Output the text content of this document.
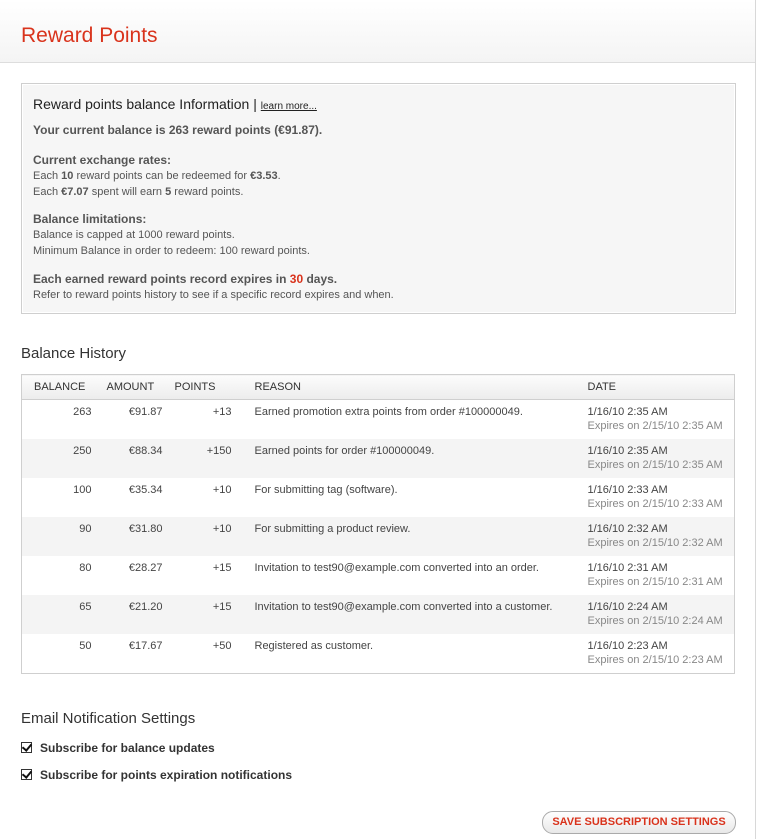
Reward Points
Reward points balance Information | learn more...
Your current balance is 263 reward points (€91.87).
Current exchange rates:
Each 10 reward points can be redeemed for €3.53.
Each €7.07 spent will earn 5 reward points.
Balance limitations:
Balance is capped at 1000 reward points.
Minimum Balance in order to redeem: 100 reward points.
Each earned reward points record expires in 30 days.
Refer to reward points history to see if a specific record expires and when.
Balance History
BALANCE	AMOUNT	POINTS	REASON	DATE

263	€91.87	+13	Earned promotion extra points from order #100000049.	1/16/10 2:35 AM
Expires on 2/15/10 2:35 AM

250	€88.34	+150	Earned points for order #100000049.	1/16/10 2:35 AM
Expires on 2/15/10 2:35 AM

100	€35.34	+10	For submitting tag (software).	1/16/10 2:33 AM
Expires on 2/15/10 2:33 AM

90	€31.80	+10	For submitting a product review.	1/16/10 2:32 AM
Expires on 2/15/10 2:32 AM

80	€28.27	+15	Invitation to test90@example.com converted into an order.	1/16/10 2:31 AM
Expires on 2/15/10 2:31 AM

65	€21.20	+15	Invitation to test90@example.com converted into a customer.	1/16/10 2:24 AM
Expires on 2/15/10 2:24 AM

50	€17.67	+50	Registered as customer.	1/16/10 2:23 AM
Expires on 2/15/10 2:23 AM
Email Notification Settings
Subscribe for balance updates
Subscribe for points expiration notifications
SAVE SUBSCRIPTION SETTINGS
